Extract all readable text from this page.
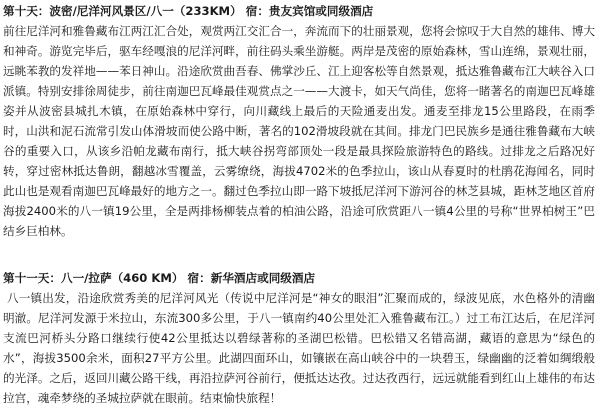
第十天：波密/尼洋河风景区/八一（233KM） 宿：贵友宾馆或同级酒店
前往尼洋河和雅鲁藏布江两江汇合处，观赏两江交汇合一，奔流而下的壮丽景观，您将会惊叹于大自然的雄伟、博大和神奇。游览完毕后，驱车经嘎浪的尼洋河畔，前往码头乘坐游艇。两岸是茂密的原始森林，雪山连绵，景观壮丽，远眺苯教的发祥地——苯日神山。沿途欣赏曲吾春、佛掌沙丘、江上迎客松等自然景观，抵达雅鲁藏布江大峡谷入口派镇。特别安排徐周徒步，前往南迦巴瓦峰最佳观赏点之一——大渡卡，如天气尚佳，您将一睹著名的南迦巴瓦峰雄姿并从波密县城扎木镇，在原始森林中穿行，向川藏线上最后的天险通麦出发。通麦至排龙15公里路段，在雨季时，山洪和泥石流常引发山体滑坡而使公路中断，著名的102滑坡段就在其间。排龙门巴民族乡是通往雅鲁藏布大峡谷的重要入口，从该乡沿帕龙藏布南行，抵大峡谷拐弯部顶处一段是最具探险旅游特色的路线。过排龙之后路况好转，穿过密林抵达鲁朗，翻越冰雪覆盖，云雾缭绕，海拔4702米的色季拉山，该山从春夏时的杜鹃花海闻名，同时此山也是观看南迦巴瓦峰最好的地方之一。翻过色季拉山即一路下坡抵尼洋河下游河谷的林芝县城，距林芝地区首府海拔2400米的八一镇19公里，全是两排杨柳装点着的柏油公路，沿途可欣赏距八一镇4公里的号称“世界柏树王”巴结乡巨柏林。
第十一天：八一/拉萨（460 KM） 宿：新华酒店或同级酒店
八一镇出发，沿途欣赏秀美的尼洋河风光（传说中尼洋河是“神女的眼泪”汇聚而成的，绿波见底，水色格外的清幽明澈。尼洋河发源于米拉山，东流300多公里，于八一镇南约40公里处汇入雅鲁藏布江。）过工布江达后，在尼洋河支流巴河桥头分路口继续行使42公里抵达以碧绿著称的圣湖巴松错。巴松错又名错高湖，藏语的意思为“绿色的水”，海拔3500余米，面积27平方公里。此湖四面环山，如镶嵌在高山峡谷中的一块碧玉，绿幽幽的泛着如绸缎般的光泽。之后，返回川藏公路干线，再沿拉萨河谷前行，便抵达达孜。过达孜西行，远远就能看到红山上雄伟的布达拉宫，魂牵梦绕的圣城拉萨就在眼前。结束愉快旅程！
